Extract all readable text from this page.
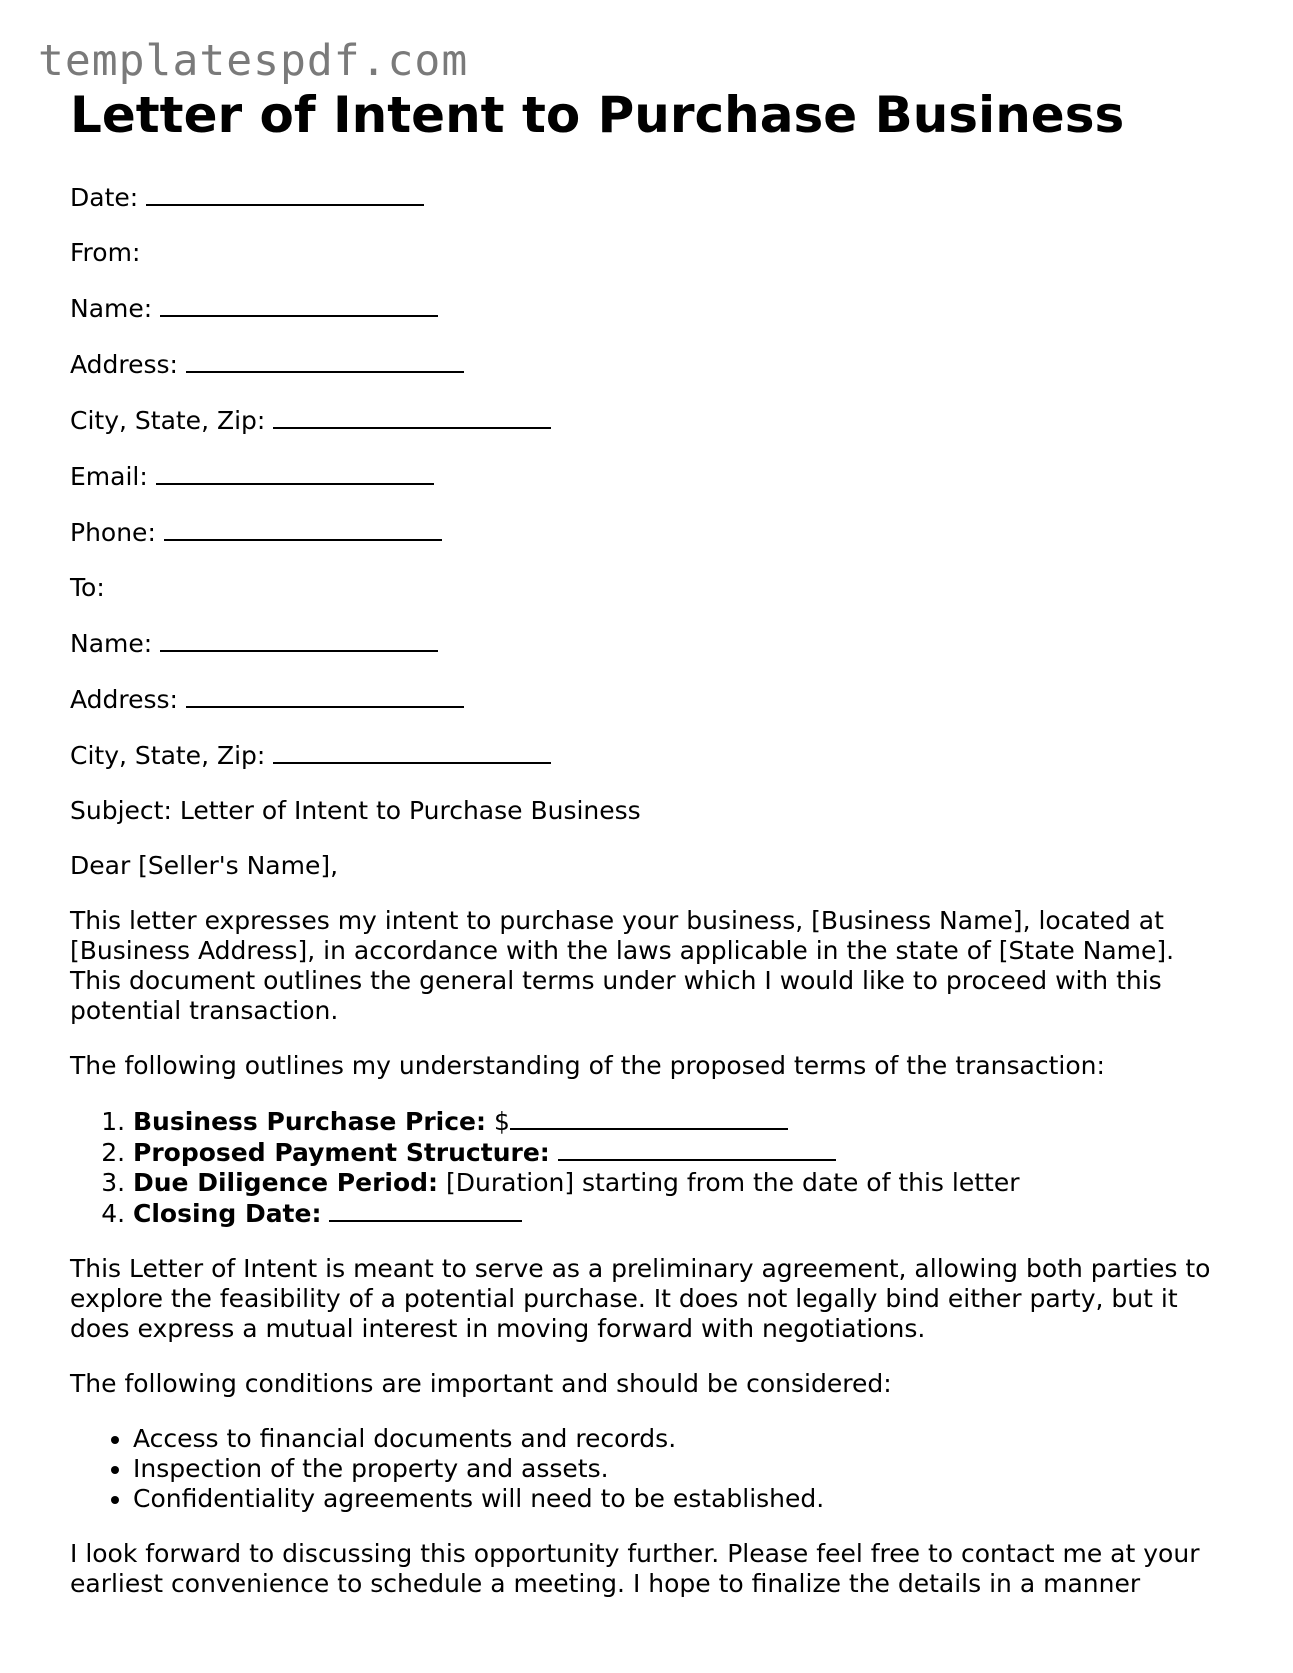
templatespdf.com
Letter of Intent to Purchase Business

Date:

From:

Name:

Address:

City, State, Zip:

Email:

Phone:

To:

Name:

Address:

City, State, Zip:

Subject: Letter of Intent to Purchase Business

Dear [Seller's Name],

This letter expresses my intent to purchase your business, [Business Name], located at [Business Address], in accordance with the laws applicable in the state of [State Name]. This document outlines the general terms under which I would like to proceed with this potential transaction.

The following outlines my understanding of the proposed terms of the transaction:

1. Business Purchase Price: $
2. Proposed Payment Structure:
3. Due Diligence Period: [Duration] starting from the date of this letter
4. Closing Date:

This Letter of Intent is meant to serve as a preliminary agreement, allowing both parties to explore the feasibility of a potential purchase. It does not legally bind either party, but it does express a mutual interest in moving forward with negotiations.

The following conditions are important and should be considered:

• Access to financial documents and records.
• Inspection of the property and assets.
• Confidentiality agreements will need to be established.

I look forward to discussing this opportunity further. Please feel free to contact me at your earliest convenience to schedule a meeting. I hope to finalize the details in a manner
